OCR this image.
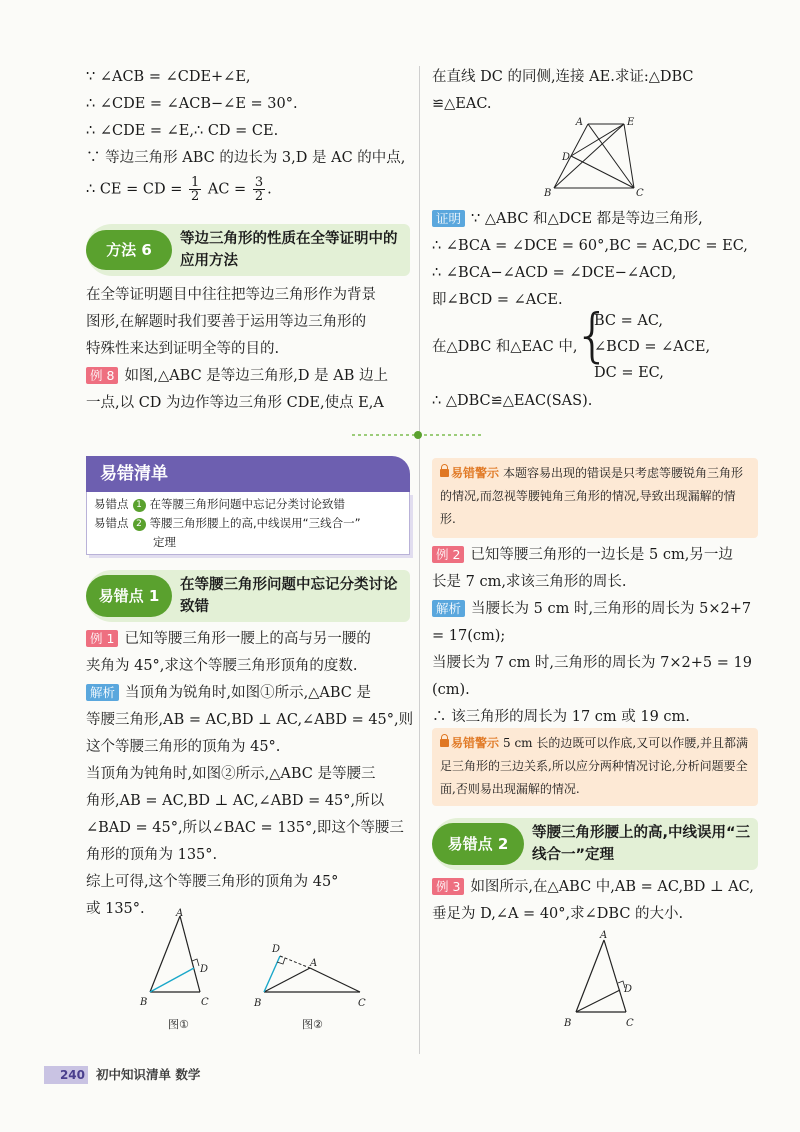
∵ ∠ACB = ∠CDE+∠E,
∴ ∠CDE = ∠ACB−∠E = 30°.
∴ ∠CDE = ∠E,∴ CD = CE.
∵ 等边三角形 ABC 的边长为 3,D 是 AC 的中点,
∴ CE = CD = $\frac{1}{2}$ AC = $\frac{3}{2}$ .
方法 6
等边三角形的性质在全等证明中的应用方法
在全等证明题目中往往把等边三角形作为背景
图形,在解题时我们要善于运用等边三角形的
特殊性来达到证明全等的目的.
例 8 如图,△ABC 是等边三角形,D 是 AB 边上
一点,以 CD 为边作等边三角形 CDE,使点 E,A
在直线 DC 的同侧,连接 AE.求证:△DBC
≌△EAC.
A	E
D
B	C
证明 ∵ △ABC 和△DCE 都是等边三角形,
∴ ∠BCA = ∠DCE = 60°,BC = AC,DC = EC,
∴ ∠BCA−∠ACD = ∠DCE−∠ACD,
即∠BCD = ∠ACE.
在△DBC 和△EAC 中,
{
BC = AC,
∠BCD = ∠ACE,
DC = EC,
∴ △DBC≌△EAC(SAS).
易错清单
易错点 1 在等腰三角形问题中忘记分类讨论致错
易错点 2 等腰三角形腰上的高,中线误用“三线合一”
定理
易错点 1
在等腰三角形问题中忘记分类讨论致错
例 1 已知等腰三角形一腰上的高与另一腰的
夹角为 45°,求这个等腰三角形顶角的度数.
解析 当顶角为锐角时,如图①所示,△ABC 是
等腰三角形,AB = AC,BD ⊥ AC,∠ABD = 45°,则
这个等腰三角形的顶角为 45°.
当顶角为钝角时,如图②所示,△ABC 是等腰三
角形,AB = AC,BD ⊥ AC,∠ABD = 45°,所以
∠BAD = 45°,所以∠BAC = 135°,即这个等腰三
角形的顶角为 135°.
综上可得,这个等腰三角形的顶角为 45°
或 135°.	A
D
B	C
图①
D
A
B	C
图②
易错警示 本题容易出现的错误是只考虑等腰锐角三角形的情况,而忽视等腰钝角三角形的情况,导致出现漏解的情形.
例 2 已知等腰三角形的一边长是 5 cm,另一边
长是 7 cm,求该三角形的周长.
解析 当腰长为 5 cm 时,三角形的周长为 5×2+7
= 17(cm);
当腰长为 7 cm 时,三角形的周长为 7×2+5 = 19
(cm).
∴ 该三角形的周长为 17 cm 或 19 cm.
易错警示 5 cm 长的边既可以作底,又可以作腰,并且都满足三角形的三边关系,所以应分两种情况讨论,分析问题要全面,否则易出现漏解的情况.
易错点 2
等腰三角形腰上的高,中线误用“三线合一”定理
例 3 如图所示,在△ABC 中,AB = AC,BD ⊥ AC,
垂足为 D,∠A = 40°,求∠DBC 的大小.
A
D
B	C
240 初中知识清单 数学
